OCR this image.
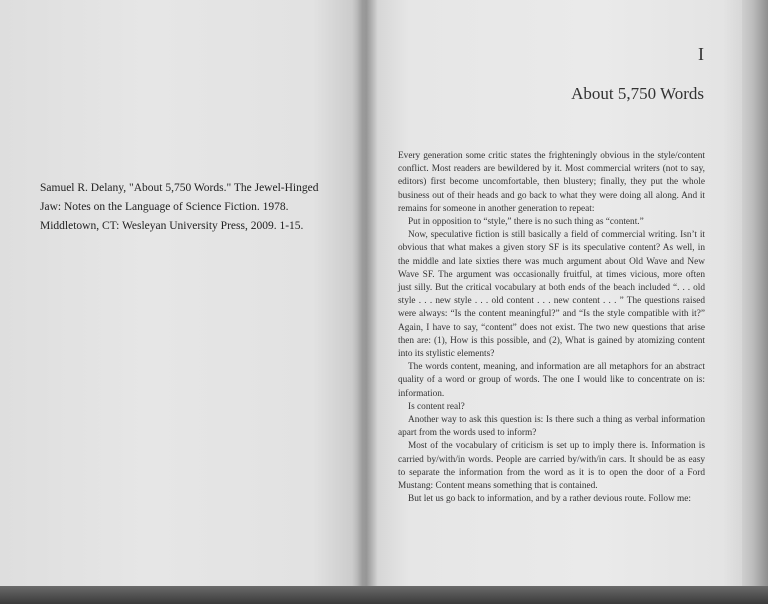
Samuel R. Delany, "About 5,750 Words." The Jewel-Hinged

Jaw: Notes on the Language of Science Fiction. 1978.

Middletown, CT: Wesleyan University Press, 2009. 1-15.

I
About 5,750 Words

Every generation some critic states the frighteningly obvious in the style/content conflict. Most readers are bewildered by it. Most commercial writers (not to say, editors) first become uncomfortable, then blustery; finally, they put the whole business out of their heads and go back to what they were doing all along. And it remains for someone in another generation to repeat:

Put in opposition to “style,” there is no such thing as “content.”

Now, speculative fiction is still basically a field of commercial writing. Isn’t it obvious that what makes a given story SF is its speculative content? As well, in the middle and late sixties there was much argument about Old Wave and New Wave SF. The argument was occasionally fruitful, at times vicious, more often just silly. But the critical vocabulary at both ends of the beach included “. . . old style . . . new style . . . old content . . . new content . . . ” The questions raised were always: “Is the content meaningful?” and “Is the style compatible with it?” Again, I have to say, “content” does not exist. The two new questions that arise then are: (1), How is this possible, and (2), What is gained by atomizing content into its stylistic elements?

The words content, meaning, and information are all metaphors for an abstract quality of a word or group of words. The one I would like to concentrate on is: information.

Is content real?

Another way to ask this question is: Is there such a thing as verbal information apart from the words used to inform?

Most of the vocabulary of criticism is set up to imply there is. Information is carried by/with/in words. People are carried by/with/in cars. It should be as easy to separate the information from the word as it is to open the door of a Ford Mustang: Content means something that is contained.

But let us go back to information, and by a rather devious route. Follow me:
